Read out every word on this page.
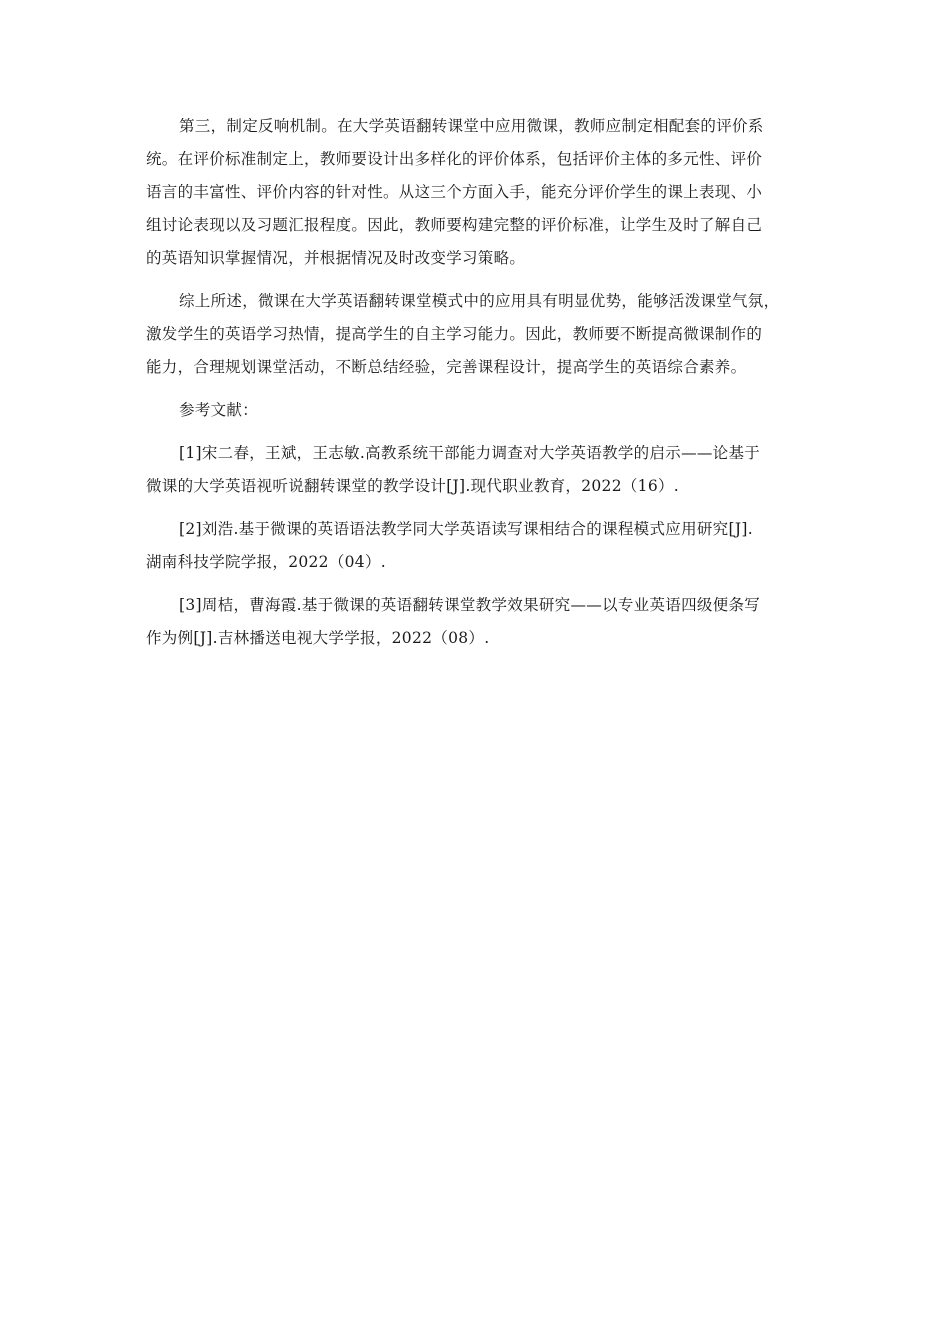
第三，制定反响机制。在大学英语翻转课堂中应用微课，教师应制定相配套的评价系
统。在评价标准制定上，教师要设计出多样化的评价体系，包括评价主体的多元性、评价
语言的丰富性、评价内容的针对性。从这三个方面入手，能充分评价学生的课上表现、小
组讨论表现以及习题汇报程度。因此，教师要构建完整的评价标准，让学生及时了解自己
的英语知识掌握情况，并根据情况及时改变学习策略。

综上所述，微课在大学英语翻转课堂模式中的应用具有明显优势，能够活泼课堂气氛，
激发学生的英语学习热情，提高学生的自主学习能力。因此，教师要不断提高微课制作的
能力，合理规划课堂活动，不断总结经验，完善课程设计，提高学生的英语综合素养。

参考文献：

[1]宋二春，王斌，王志敏.高教系统干部能力调查对大学英语教学的启示——论基于
微课的大学英语视听说翻转课堂的教学设计[J].现代职业教育，2022（16）.

[2]刘浩.基于微课的英语语法教学同大学英语读写课相结合的课程模式应用研究[J].
湖南科技学院学报，2022（04）.

[3]周桔，曹海霞.基于微课的英语翻转课堂教学效果研究——以专业英语四级便条写
作为例[J].吉林播送电视大学学报，2022（08）.
